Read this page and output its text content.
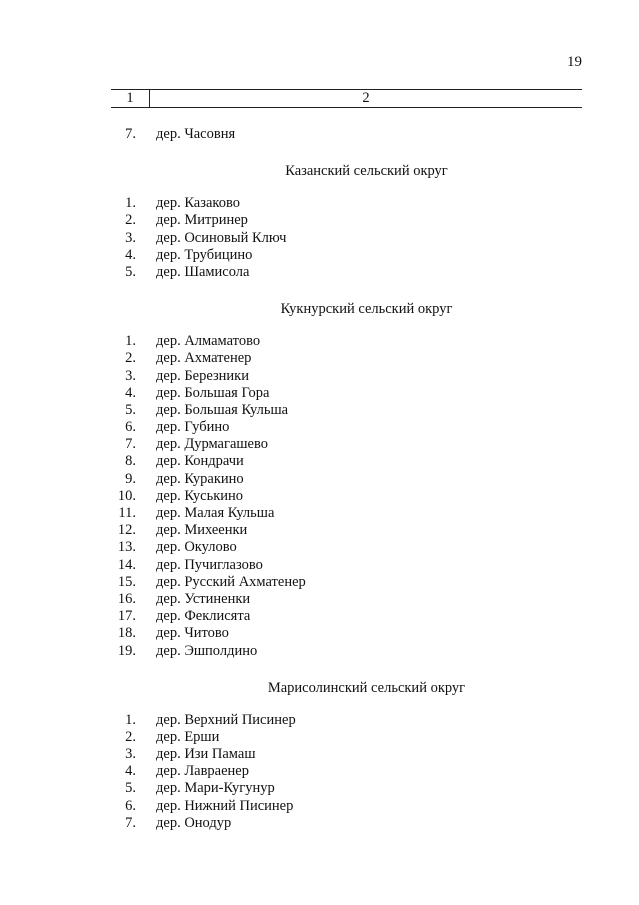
19
1	2
7. дер. Часовня
Казанский сельский округ
1. дер. Казаково
2. дер. Митринер
3. дер. Осиновый Ключ
4. дер. Трубицино
5. дер. Шамисола
Кукнурский сельский округ
1. дер. Алмаматово
2. дер. Ахматенер
3. дер. Березники
4. дер. Большая Гора
5. дер. Большая Кульша
6. дер. Губино
7. дер. Дурмагашево
8. дер. Кондрачи
9. дер. Куракино
10. дер. Куськино
11. дер. Малая Кульша
12. дер. Михеенки
13. дер. Окулово
14. дер. Пучиглазово
15. дер. Русский Ахматенер
16. дер. Устиненки
17. дер. Феклисята
18. дер. Читово
19. дер. Эшполдино
Марисолинский сельский округ
1. дер. Верхний Писинер
2. дер. Ерши
3. дер. Изи Памаш
4. дер. Лавраенер
5. дер. Мари-Кугунур
6. дер. Нижний Писинер
7. дер. Онодур
